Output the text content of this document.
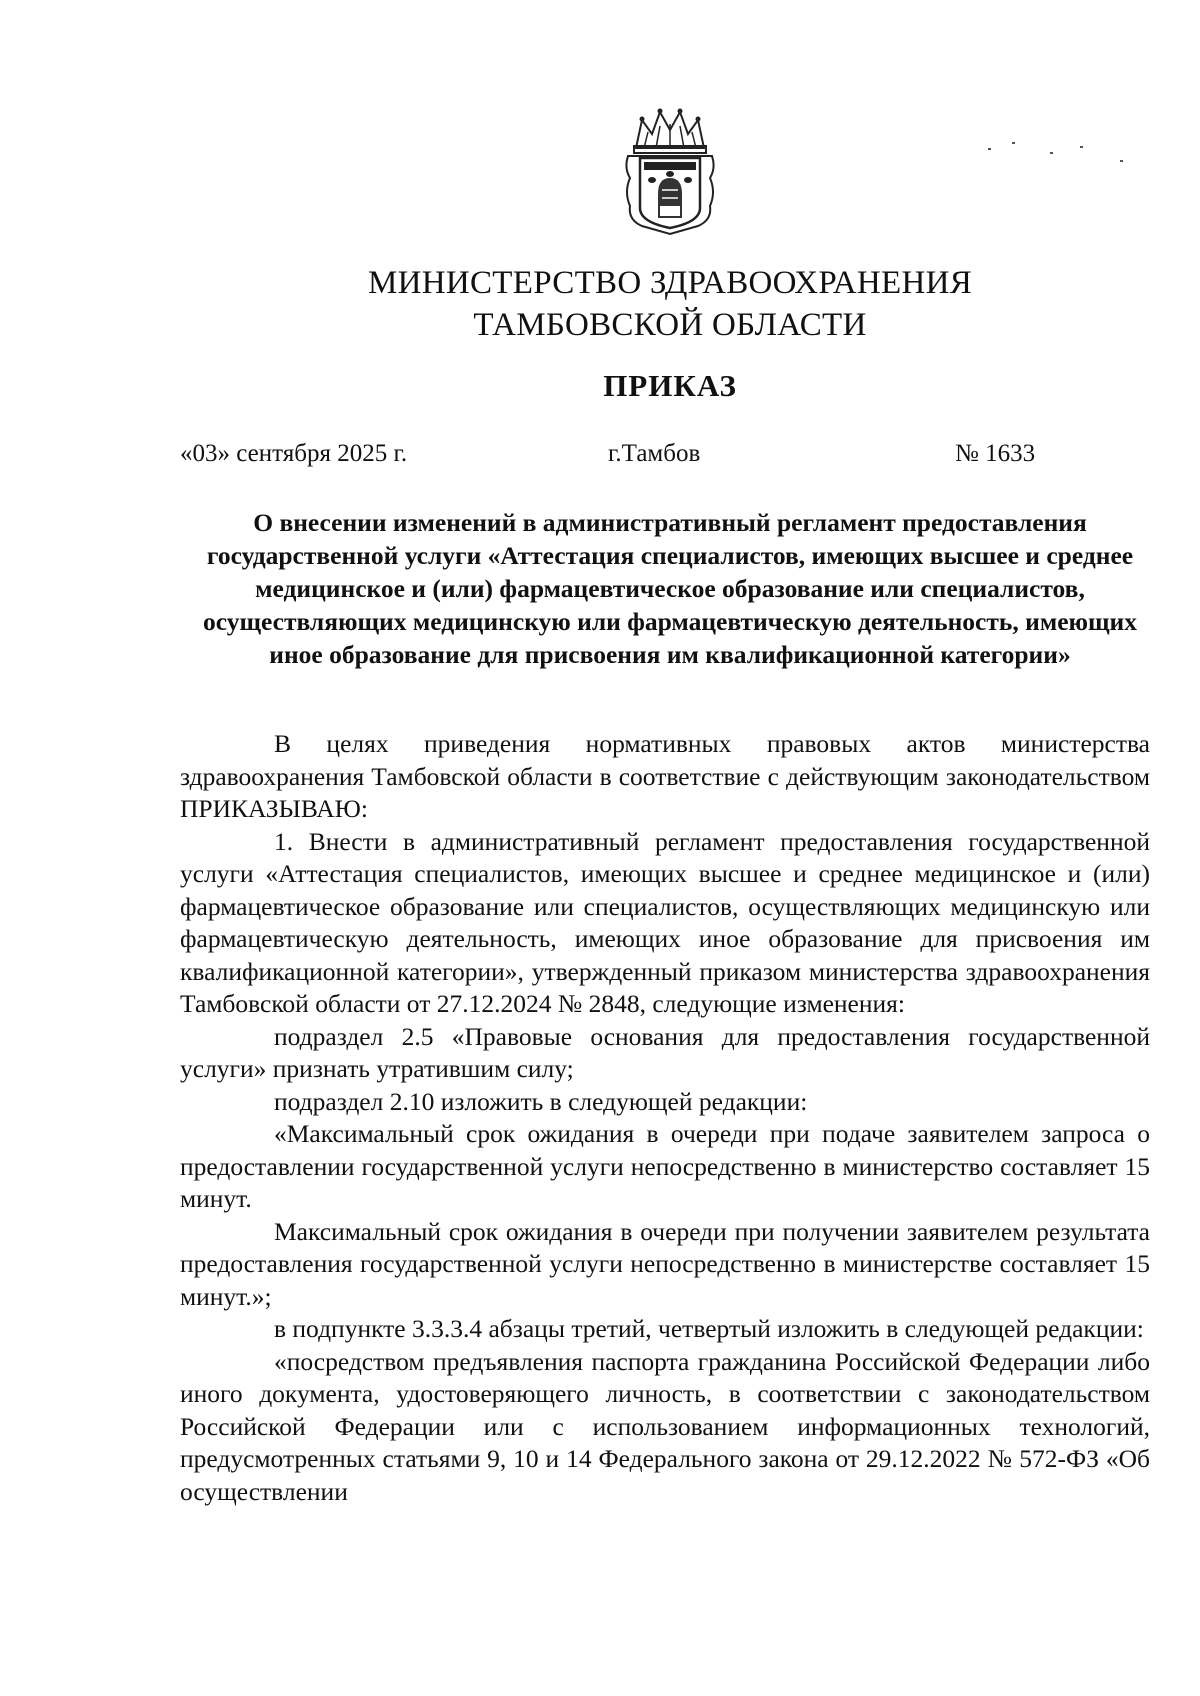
МИНИСТЕРСТВО ЗДРАВООХРАНЕНИЯ
ТАМБОВСКОЙ ОБЛАСТИ
ПРИКАЗ
«03» сентября 2025 г.	г.Тамбов	№ 1633
О внесении изменений в административный регламент предоставления государственной услуги «Аттестация специалистов, имеющих высшее и среднее медицинское и (или) фармацевтическое образование или специалистов, осуществляющих медицинскую или фармацевтическую деятельность, имеющих иное образование для присвоения им квалификационной категории»

В целях приведения нормативных правовых актов министерства здравоохранения Тамбовской области в соответствие с действующим законодательством ПРИКАЗЫВАЮ:

1. Внести в административный регламент предоставления государственной услуги «Аттестация специалистов, имеющих высшее и среднее медицинское и (или) фармацевтическое образование или специалистов, осуществляющих медицинскую или фармацевтическую деятельность, имеющих иное образование для присвоения им квалификационной категории», утвержденный приказом министерства здравоохранения Тамбовской области от 27.12.2024 № 2848, следующие изменения:

подраздел 2.5 «Правовые основания для предоставления государственной услуги» признать утратившим силу;

подраздел 2.10 изложить в следующей редакции:

«Максимальный срок ожидания в очереди при подаче заявителем запроса о предоставлении государственной услуги непосредственно в министерство составляет 15 минут.

Максимальный срок ожидания в очереди при получении заявителем результата предоставления государственной услуги непосредственно в министерстве составляет 15 минут.»;

в подпункте 3.3.3.4 абзацы третий, четвертый изложить в следующей редакции:

«посредством предъявления паспорта гражданина Российской Федерации либо иного документа, удостоверяющего личность, в соответствии с законодательством Российской Федерации или с использованием информационных технологий, предусмотренных статьями 9, 10 и 14 Федерального закона от 29.12.2022 № 572-ФЗ «Об осуществлении
